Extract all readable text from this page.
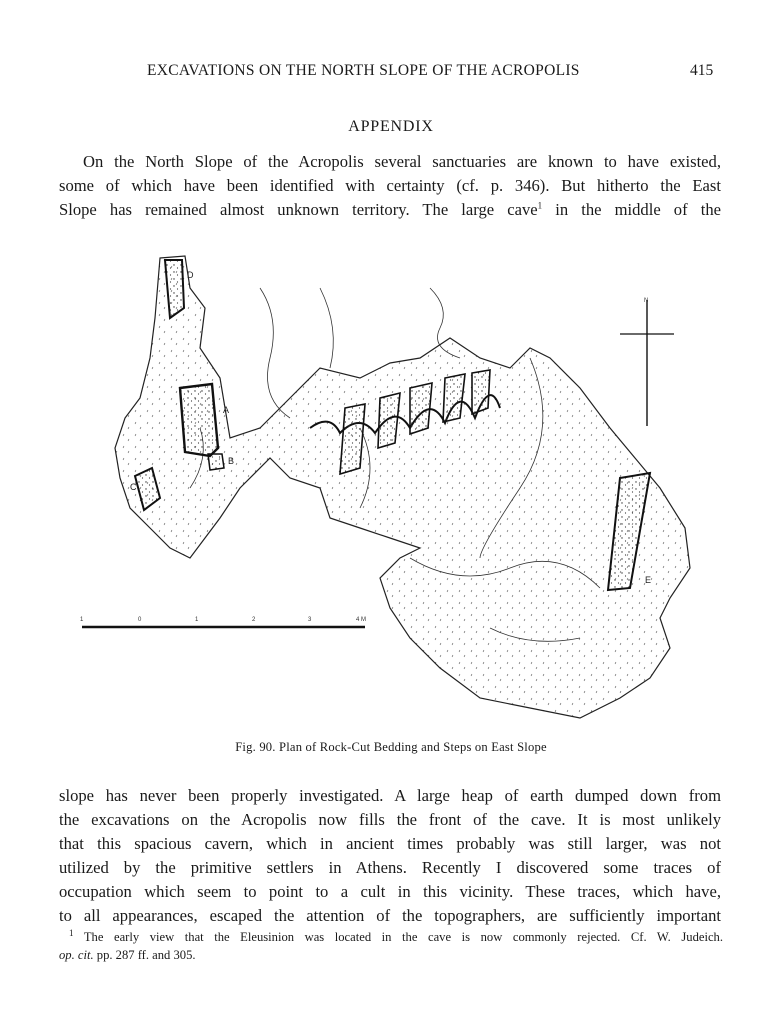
EXCAVATIONS ON THE NORTH SLOPE OF THE ACROPOLIS	415
APPENDIX
On the North Slope of the Acropolis several sanctuaries are known to have existed,
some of which have been identified with certainty (cf. p. 346). But hitherto the East
Slope has remained almost unknown territory. The large cave$^1$ in the middle of the
D
A
B
C
E
N
1	0	1	2	3	4 M
Fig. 90. Plan of Rock-Cut Bedding and Steps on East Slope
slope has never been properly investigated. A large heap of earth dumped down from
the excavations on the Acropolis now fills the front of the cave. It is most unlikely
that this spacious cavern, which in ancient times probably was still larger, was not
utilized by the primitive settlers in Athens. Recently I discovered some traces of
occupation which seem to point to a cult in this vicinity. These traces, which have,
to all appearances, escaped the attention of the topographers, are sufficiently important
$^1$ The early view that the Eleusinion was located in the cave is now commonly rejected. Cf. W. Judeich.
op. cit. pp. 287 ff. and 305.
